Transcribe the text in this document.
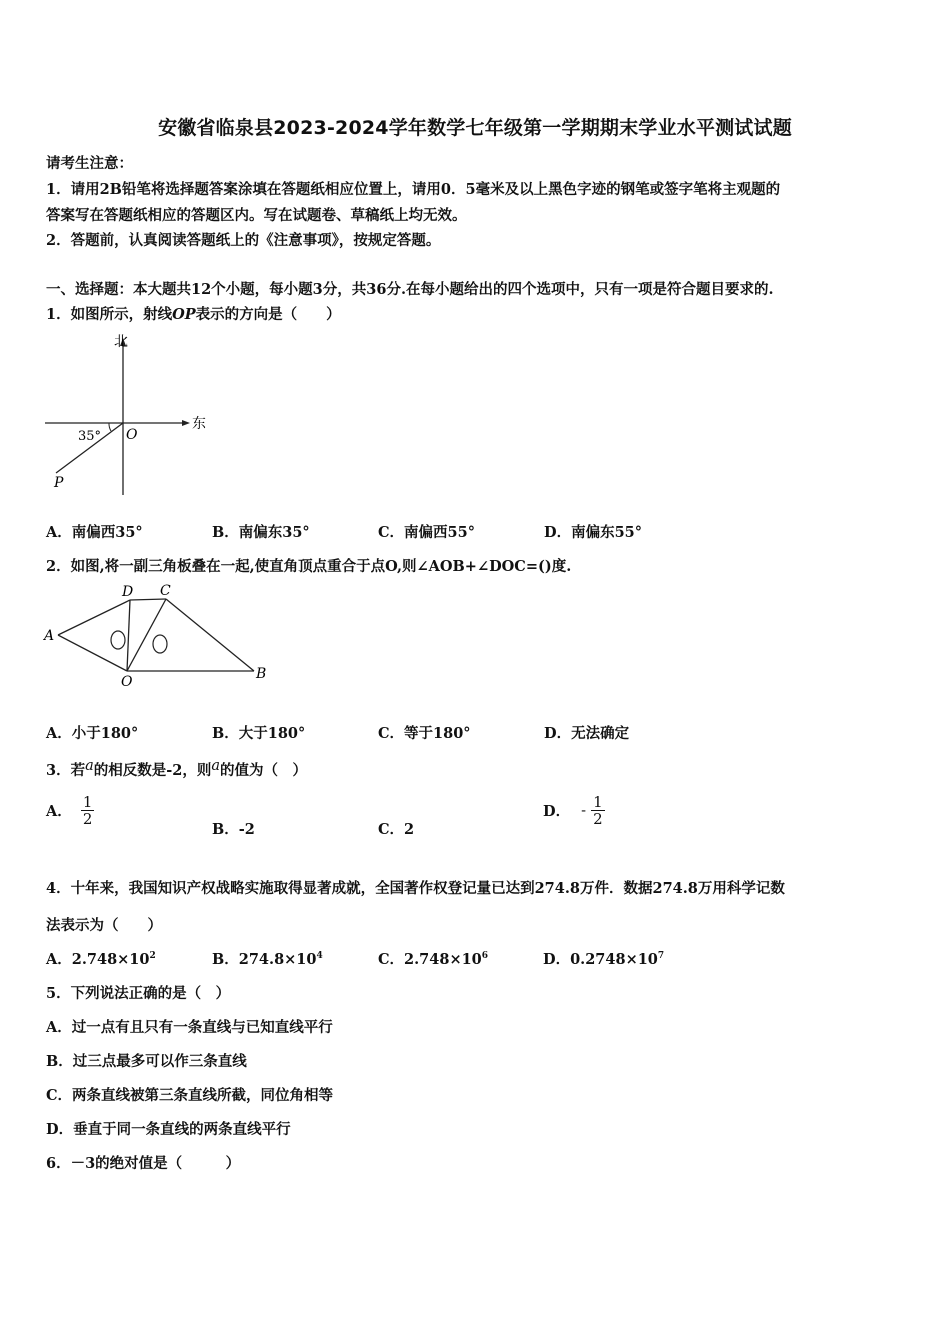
安徽省临泉县2023-2024学年数学七年级第一学期期末学业水平测试试题
请考生注意：
1．请用2B铅笔将选择题答案涂填在答题纸相应位置上，请用0．5毫米及以上黑色字迹的钢笔或签字笔将主观题的
答案写在答题纸相应的答题区内。写在试题卷、草稿纸上均无效。
2．答题前，认真阅读答题纸上的《注意事项》，按规定答题。
一、选择题：本大题共12个小题，每小题3分，共36分.在每小题给出的四个选项中，只有一项是符合题目要求的.
1．如图所示，射线OP表示的方向是（　　）
北
东
35° O
P
A．南偏西35°	B．南偏东35°	C．南偏西55°	D．南偏东55°
2．如图,将一副三角板叠在一起,使直角顶点重合于点O,则∠AOB+∠DOC=()度.
A
D C
B
O
A．小于180°	B．大于180°	C．等于180°	D．无法确定
3．若a的相反数是-2，则a的值为（　）
A． $\frac{1}{2}$
B．-2	C．2
D． - $\frac{1}{2}$
4．十年来，我国知识产权战略实施取得显著成就，全国著作权登记量已达到274.8万件．数据274.8万用科学记数
法表示为（　　）
A．$2.748\times 10^2$	B．$274.8\times 10^4$	C．$2.748\times 10^6$	D．$0.2748\times 10^7$
5．下列说法正确的是（　）
A．过一点有且只有一条直线与已知直线平行
B．过三点最多可以作三条直线
C．两条直线被第三条直线所截，同位角相等
D．垂直于同一条直线的两条直线平行
6．－3的绝对值是（　　　）
